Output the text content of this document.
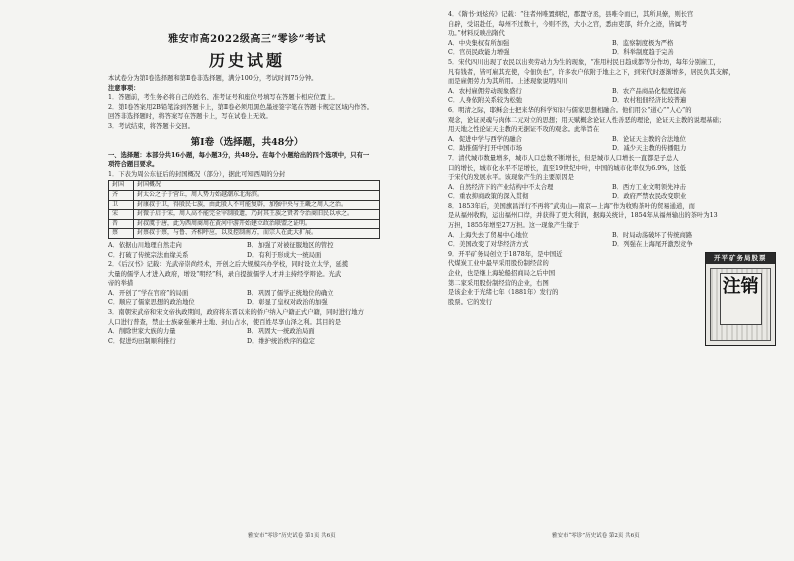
雅安市高2022级高三“零诊”考试
历史试题
本试卷分为第Ⅰ卷选择题和第Ⅱ卷非选择题，满分100分，考试时间75分钟。
注意事项：
1．答题前，考生务必将自己的姓名、准考证号和座位号填写在答题卡相应位置上。
2．第Ⅰ卷答案用2B铅笔涂到答题卡上，第Ⅱ卷必须用黑色墨迹签字笔在答题卡规定区域内作答。
回答非选择题时，将答案写在答题卡上，写在试卷上无效。
3．考试结束，将答题卡交回。
第Ⅰ卷（选择题，共48分）
一、选择题：本部分共16小题，每小题3分，共48分。在每个小题给出的四个选项中，只有一
项符合题目要求。
1．下表为周公东征后的封国概况（部分），据此可知西周的分封
封国	封国概况
齐	封太公之子于营丘，周人势力始越潮东北海滨。
卫	封康叔于卫，得殷民七族，由此殷人不可能复辟，加强中央与王畿之周人之治。
宋	封微子启于宋，周人高不能完全宰制殷遗，乃封其王族之贤者令治商旧民以承之。
晋	封叔虞于唐，此为西周商周在黄河中游开始建立政治联盟之证明。
蔡	封蔡叔于蔡，与鲁、齐相呼应，以及控制南方，而宗人在此大扩展。
A．依据山川地理自然走向	B．加强了对被征服地区的管控
C．打破了传统宗法血缘关系	D．有利于形成大一统局面
2．《后汉书》记载：光武帝崇尚经术，开创之后大规模兴办学校，同时设立太学，延揽
大量的儒学人才进入政府，增设“明经”科，录自提拔儒学人才并主持经学辩论。光武
帝的举措
A．开创了“学在官府”的局面	B．巩固了儒学正统地位的确立
C．顺应了儒家思想的政治地位	D．彰显了皇权对政治的加强
3．南朝宋武帝和宋文帝执政期间，政府将东晋以来的侨户纳入户籍正式户籍，同时进行地方
人口进行普查，禁止士族豪强兼并土地、封山占水，使百姓尽享山泽之利。其目的是
A．削除世家大族的力量	B．巩固大一统政治局面
C．促进均田制顺利推行	D．维护统治秩序的稳定
雅安市“零诊”历史试卷 第1页 共6页
4．《隋书·刘炫传》记载：“往者州唯置纲纪，郡置守丞，县唯令而已，其所具僚，则长官
自辟，受诏赴任，每州不过数十，今则不然，大小之官，悉由吏部，纤介之迹，皆属考
功。”材料反映出隋代
A．中央集权有所加强	B．监察制度极为严格
C．官员民政能力增强	D．科举制度趋于完善
5．宋代四川出现了农民以出卖劳动力为生的现象，“准用村民日趋成都等分作坊，每年分别雇工，
凡有钱者，皆可雇其充使，令佃负也”，许多农户依附于地主之下，到宋代时逐渐增多，居民负其支解，
而是雇佣劳力为其所用。上述现象说明四川
A．农村雇佣劳动现象盛行	B．农产品商品化程度提高
C．人身依附关系较为松弛	D．农村租佃经济比较普遍
6．明清之际，耶稣会士把来华的科学知识与儒家思想相融合。他们用公“道心”“人心”的
观念，论证灵魂与肉体二元对立的思想；用天赋概念论证人性善恶的理论，论证天主教的说理基础；
用天地之性论证天主教的无据证不攻的观念。此举旨在
A．促进中学与西学的融合	B．论证天主教的合法地位
C．助推儒学打开中国市场	D．减少天主教的传播阻力
7．清代城市数量增多，城市人口总数不断增长，但是城市人口增长一直都是子总人
口的增长，城市化水平不足增长，直至19世纪中叶，中国的城市化率仅为6.9%，这低
于宋代的发展水平。该现象产生的主要原因是
A．自然经济下的产业结构中不太合理	B．西方工业文明领先冲击
C．重农抑商政策的深入贯彻	D．政府严禁农民改变职业
8．1853年后，美国旗昌洋行不再将“武夷山—南京—上海”作为收购茶叶的贸易通道，而
是从福州收购，运出福州口岸，并获得了更大利润，据海关统计，1854年从福州输出的茶叶为13
万担，1855年增至27万担。这一现象产生缘于
A．上海失去了贸易中心地位	B．时局动荡破坏了传统商路
C．美国改变了对华经济方式	D．列强在上海尾开激烈竞争
9．开平矿务局创立于1878年，是中国近
代煤炭工业中最早采用股份制经营的
企业，也是继上海轮船招商局之后中国
第二家采用股份制经营的企业，右图
是该企业于光绪七年（1881年）发行的
股票。它的发行
开平矿务局股票
注销
雅安市“零诊”历史试卷 第2页 共6页
